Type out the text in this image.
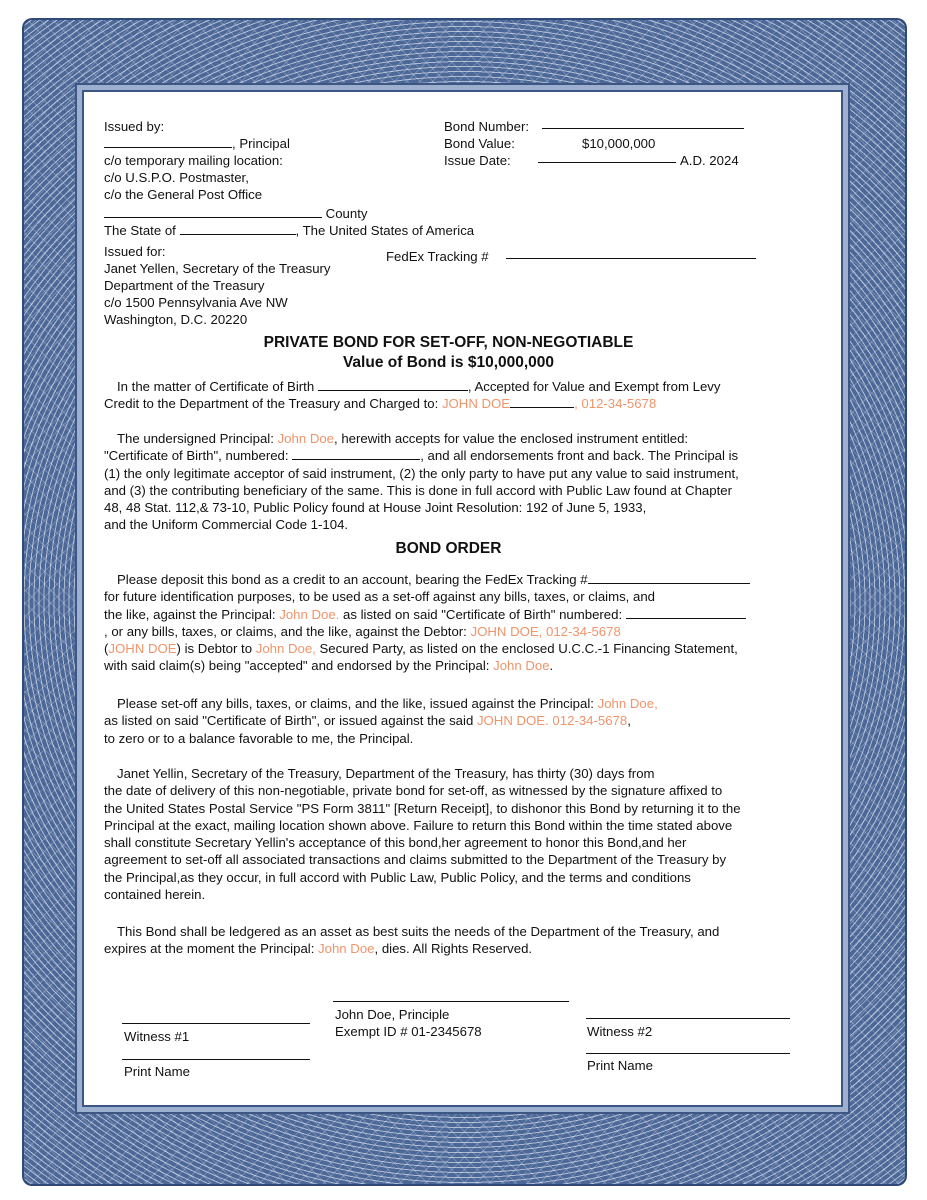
Issued by:
, Principal
c/o temporary mailing location:
c/o U.S.P.O. Postmaster,
c/o the General Post Office
County
The State of	, The United States of America
Issued for:
Janet Yellen, Secretary of the Treasury
Department of the Treasury
c/o 1500 Pennsylvania Ave NW
Washington, D.C. 20220
Bond Number:
Bond Value:	$10,000,000
Issue Date:	A.D. 2024
FedEx Tracking #
PRIVATE BOND FOR SET-OFF, NON-NEGOTIABLE
Value of Bond is $10,000,000
In the matter of Certificate of Birth	, Accepted for Value and Exempt from Levy
Credit to the Department of the Treasury and Charged to: JOHN DOE	, 012-34-5678
The undersigned Principal: John Doe, herewith accepts for value the enclosed instrument entitled:
"Certificate of Birth", numbered:	, and all endorsements front and back. The Principal is
(1) the only legitimate acceptor of said instrument, (2) the only party to have put any value to said instrument,
and (3) the contributing beneficiary of the same. This is done in full accord with Public Law found at Chapter
48, 48 Stat. 112,& 73-10, Public Policy found at House Joint Resolution: 192 of June 5, 1933,
and the Uniform Commercial Code 1-104.
BOND ORDER
Please deposit this bond as a credit to an account, bearing the FedEx Tracking #
for future identification purposes, to be used as a set-off against any bills, taxes, or claims, and
the like, against the Principal: John Doe. as listed on said "Certificate of Birth" numbered:
, or any bills, taxes, or claims, and the like, against the Debtor: JOHN DOE, 012-34-5678
(JOHN DOE) is Debtor to John Doe, Secured Party, as listed on the enclosed U.C.C.-1 Financing Statement,
with said claim(s) being "accepted" and endorsed by the Principal: John Doe.
Please set-off any bills, taxes, or claims, and the like, issued against the Principal: John Doe,
as listed on said "Certificate of Birth", or issued against the said JOHN DOE. 012-34-5678,
to zero or to a balance favorable to me, the Principal.
Janet Yellin, Secretary of the Treasury, Department of the Treasury, has thirty (30) days from
the date of delivery of this non-negotiable, private bond for set-off, as witnessed by the signature affixed to
the United States Postal Service "PS Form 3811" [Return Receipt], to dishonor this Bond by returning it to the
Principal at the exact, mailing location shown above. Failure to return this Bond within the time stated above
shall constitute Secretary Yellin's acceptance of this bond,her agreement to honor this Bond,and her
agreement to set-off all associated transactions and claims submitted to the Department of the Treasury by
the Principal,as they occur, in full accord with Public Law, Public Policy, and the terms and conditions
contained herein.
This Bond shall be ledgered as an asset as best suits the needs of the Department of the Treasury, and
expires at the moment the Principal: John Doe, dies. All Rights Reserved.
John Doe, Principle
Exempt ID # 01-2345678
Witness #1
Print Name
Witness #2
Print Name
